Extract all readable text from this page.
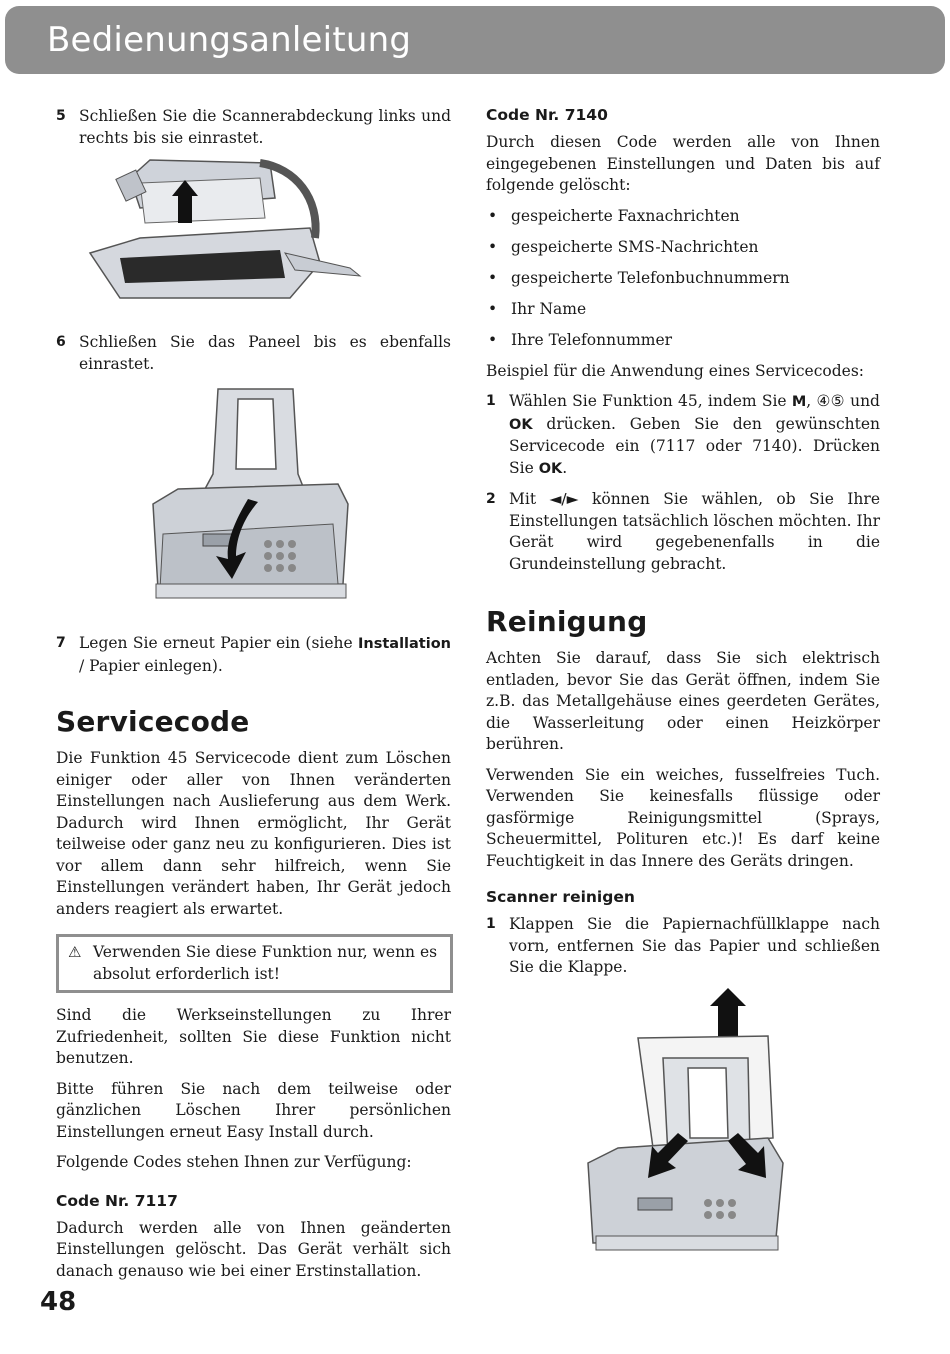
Bedienungsanleitung
5 Schließen Sie die Scannerabdeckung links und rechts bis sie einrastet.
6 Schließen Sie das Paneel bis es ebenfalls einrastet.
7 Legen Sie erneut Papier ein (siehe Installation / Papier einlegen).
Servicecode

Die Funktion 45 Servicecode dient zum Löschen einiger oder aller von Ihnen veränderten Einstellungen nach Auslieferung aus dem Werk. Dadurch wird Ihnen ermöglicht, Ihr Gerät teilweise oder ganz neu zu konfigurieren. Dies ist vor allem dann sehr hilfreich, wenn Sie Einstellungen verändert haben, Ihr Gerät jedoch anders reagiert als erwartet.

⚠ Verwenden Sie diese Funktion nur, wenn es absolut erforderlich ist!

Sind die Werkseinstellungen zu Ihrer Zufriedenheit, sollten Sie diese Funktion nicht benutzen.

Bitte führen Sie nach dem teilweise oder gänzlichen Löschen Ihrer persönlichen Einstellungen erneut Easy Install durch.

Folgende Codes stehen Ihnen zur Verfügung:

Code Nr. 7117

Dadurch werden alle von Ihnen geänderten Einstellungen gelöscht. Das Gerät verhält sich danach genauso wie bei einer Erstinstallation.

Code Nr. 7140

Durch diesen Code werden alle von Ihnen eingegebenen Einstellungen und Daten bis auf folgende gelöscht:

• gespeicherte Faxnachrichten
• gespeicherte SMS-Nachrichten
• gespeicherte Telefonbuchnummern
• Ihr Name
• Ihre Telefonnummer

Beispiel für die Anwendung eines Servicecodes:

1 Wählen Sie Funktion 45, indem Sie M, ④⑤ und OK drücken. Geben Sie den gewünschten Servicecode ein (7117 oder 7140). Drücken Sie OK.
2 Mit ◄/► können Sie wählen, ob Sie Ihre Einstellungen tatsächlich löschen möchten. Ihr Gerät wird gegebenenfalls in die Grundeinstellung gebracht.
Reinigung

Achten Sie darauf, dass Sie sich elektrisch entladen, bevor Sie das Gerät öffnen, indem Sie z.B. das Metallgehäuse eines geerdeten Gerätes, die Wasserleitung oder einen Heizkörper berühren.

Verwenden Sie ein weiches, fusselfreies Tuch. Verwenden Sie keinesfalls flüssige oder gasförmige Reinigungsmittel (Sprays, Scheuermittel, Polituren etc.)! Es darf keine Feuchtigkeit in das Innere des Geräts dringen.

Scanner reinigen
1 Klappen Sie die Papiernachfüllklappe nach vorn, entfernen Sie das Papier und schließen Sie die Klappe.
48
